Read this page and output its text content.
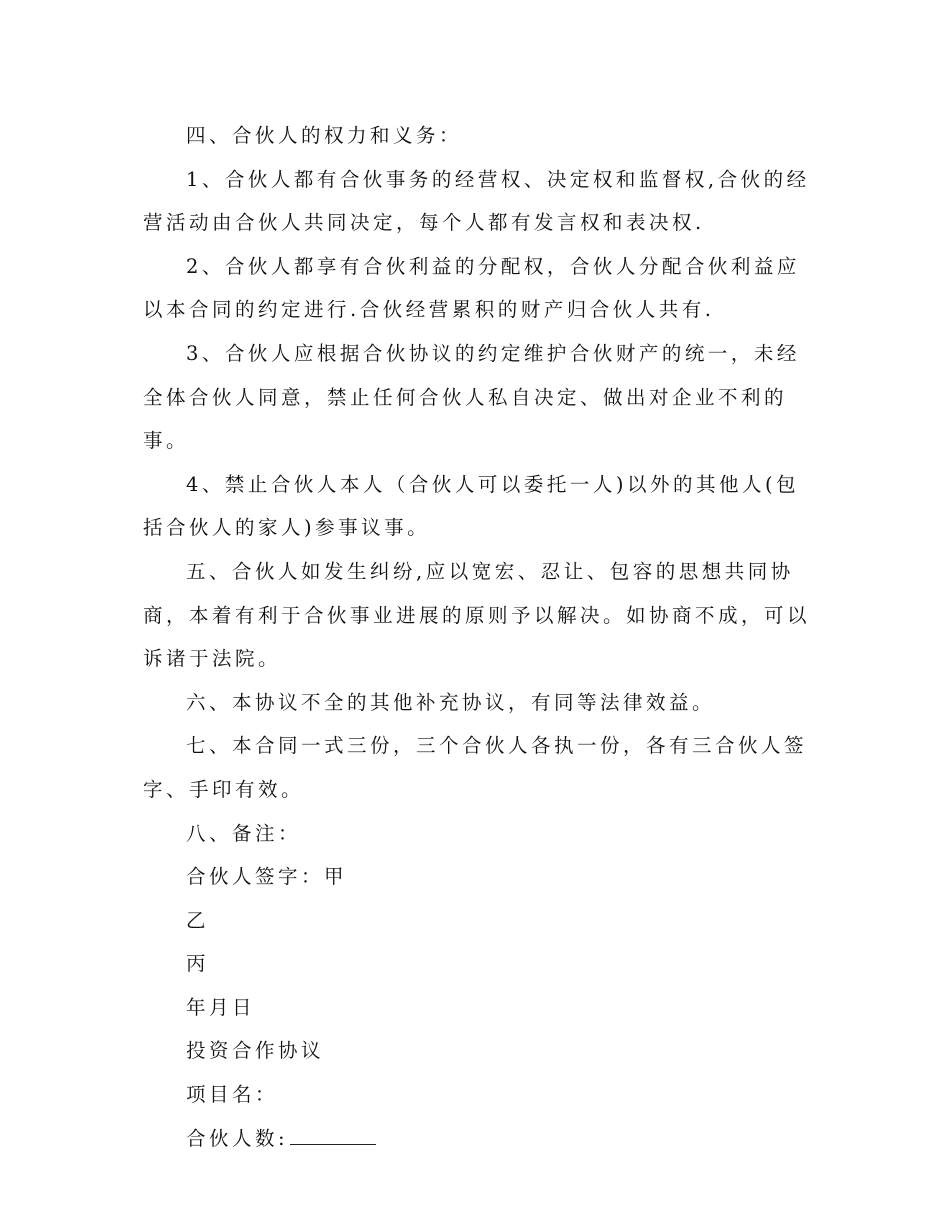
四、合伙人的权力和义务：

1、合伙人都有合伙事务的经营权、决定权和监督权,合伙的经营活动由合伙人共同决定，每个人都有发言权和表决权.

2、合伙人都享有合伙利益的分配权，合伙人分配合伙利益应以本合同的约定进行.合伙经营累积的财产归合伙人共有.

3、合伙人应根据合伙协议的约定维护合伙财产的统一，未经全体合伙人同意，禁止任何合伙人私自决定、做出对企业不利的事。

4、禁止合伙人本人（合伙人可以委托一人)以外的其他人(包括合伙人的家人)参事议事。

五、合伙人如发生纠纷,应以宽宏、忍让、包容的思想共同协商，本着有利于合伙事业进展的原则予以解决。如协商不成，可以诉诸于法院。

六、本协议不全的其他补充协议，有同等法律效益。

七、本合同一式三份，三个合伙人各执一份，各有三合伙人签字、手印有效。

八、备注：

合伙人签字：甲

乙

丙

年月日

投资合作协议

项目名：

合伙人数:
